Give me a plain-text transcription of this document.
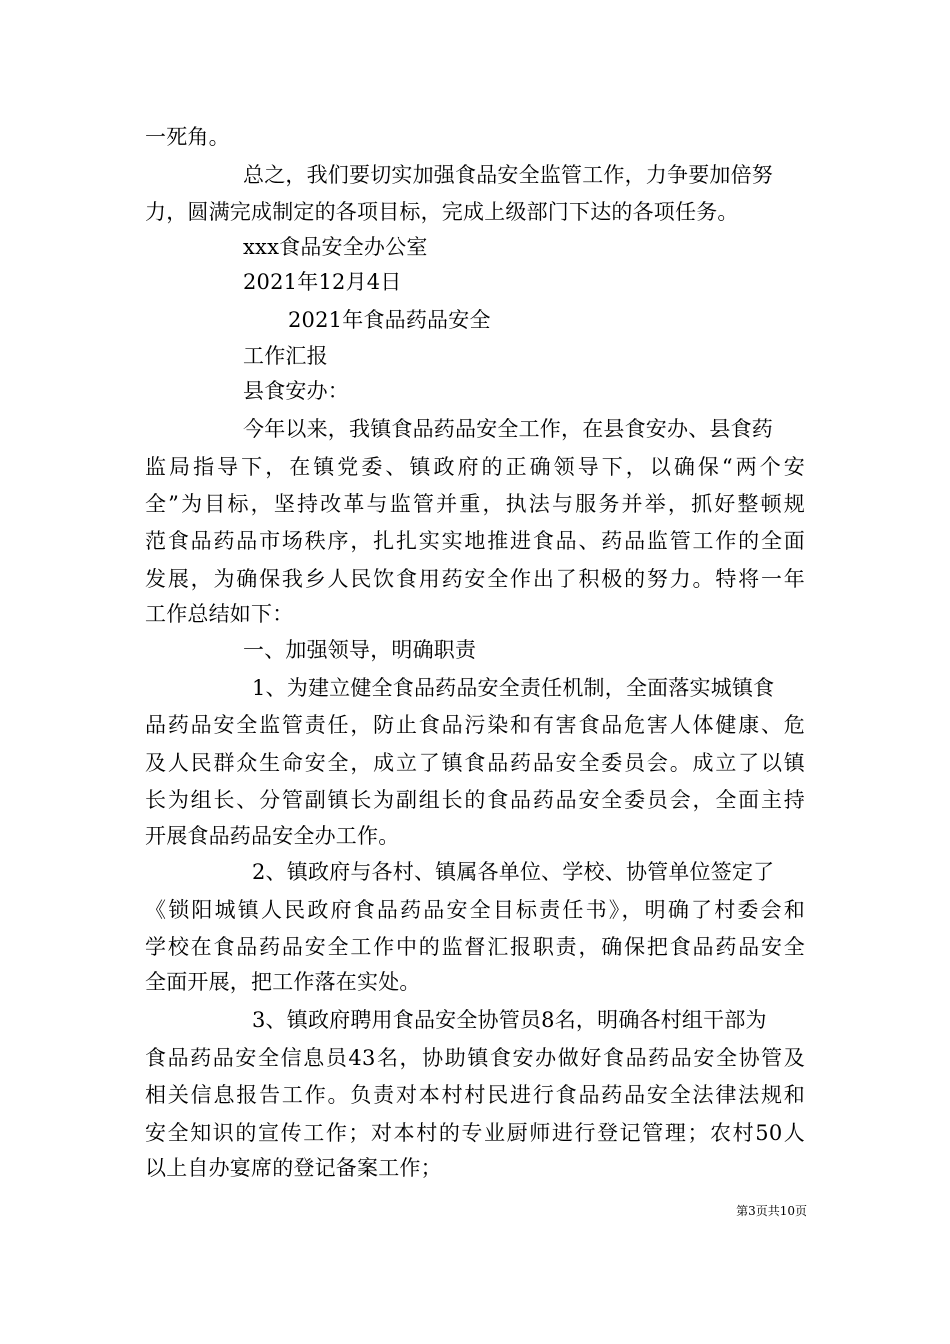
一死角。

总之，我们要切实加强食品安全监管工作，力争要加倍努

力，圆满完成制定的各项目标，完成上级部门下达的各项任务。

xxx食品安全办公室

2021年12月4日

2021年食品药品安全

工作汇报

县食安办：

今年以来，我镇食品药品安全工作，在县食安办、县食药

监局指导下，在镇党委、镇政府的正确领导下，以确保“两个安

全”为目标，坚持改革与监管并重，执法与服务并举，抓好整顿规

范食品药品市场秩序，扎扎实实地推进食品、药品监管工作的全面

发展，为确保我乡人民饮食用药安全作出了积极的努力。特将一年

工作总结如下：

一、加强领导，明确职责

1、为建立健全食品药品安全责任机制，全面落实城镇食

品药品安全监管责任，防止食品污染和有害食品危害人体健康、危

及人民群众生命安全，成立了镇食品药品安全委员会。成立了以镇

长为组长、分管副镇长为副组长的食品药品安全委员会，全面主持

开展食品药品安全办工作。

2、镇政府与各村、镇属各单位、学校、协管单位签定了

《锁阳城镇人民政府食品药品安全目标责任书》，明确了村委会和

学校在食品药品安全工作中的监督汇报职责，确保把食品药品安全

全面开展，把工作落在实处。

3、镇政府聘用食品安全协管员8名，明确各村组干部为

食品药品安全信息员43名，协助镇食安办做好食品药品安全协管及

相关信息报告工作。负责对本村村民进行食品药品安全法律法规和

安全知识的宣传工作；对本村的专业厨师进行登记管理；农村50人

以上自办宴席的登记备案工作；

第3页共10页
